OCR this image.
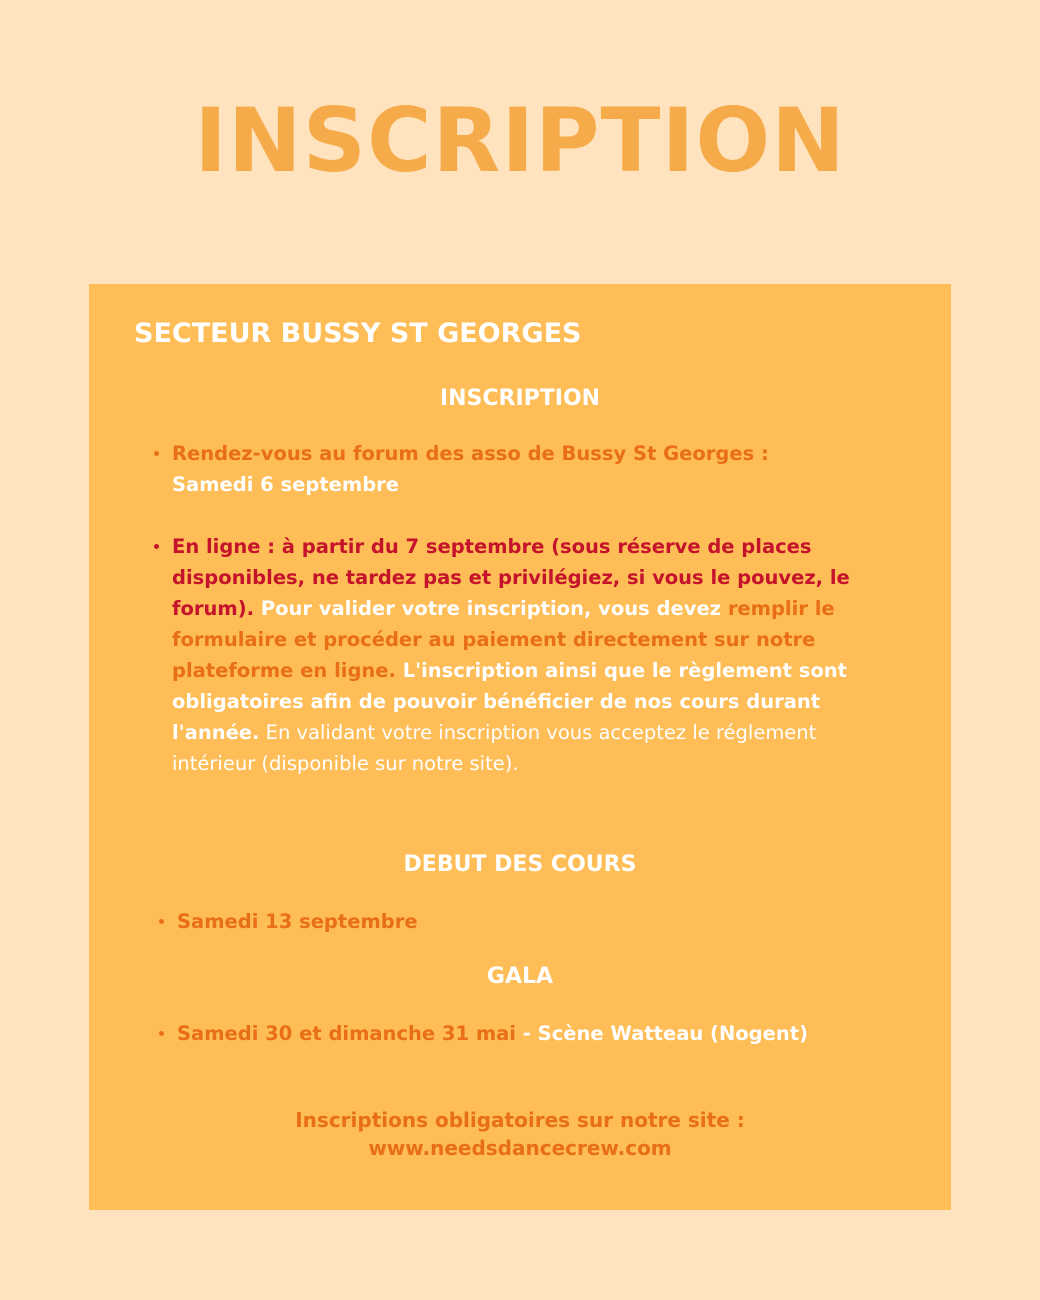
INSCRIPTION
SECTEUR BUSSY ST GEORGES
INSCRIPTION
Rendez-vous au forum des asso de Bussy St Georges :
Samedi 6 septembre
En ligne : à partir du 7 septembre (sous réserve de places disponibles, ne tardez pas et privilégiez, si vous le pouvez, le forum). Pour valider votre inscription, vous devez remplir le formulaire et procéder au paiement directement sur notre plateforme en ligne. L'inscription ainsi que le règlement sont obligatoires afin de pouvoir bénéficier de nos cours durant l'année. En validant votre inscription vous acceptez le réglement intérieur (disponible sur notre site).
DEBUT DES COURS
Samedi 13 septembre
GALA
Samedi 30 et dimanche 31 mai - Scène Watteau (Nogent)

Inscriptions obligatoires sur notre site :
www.needsdancecrew.com
